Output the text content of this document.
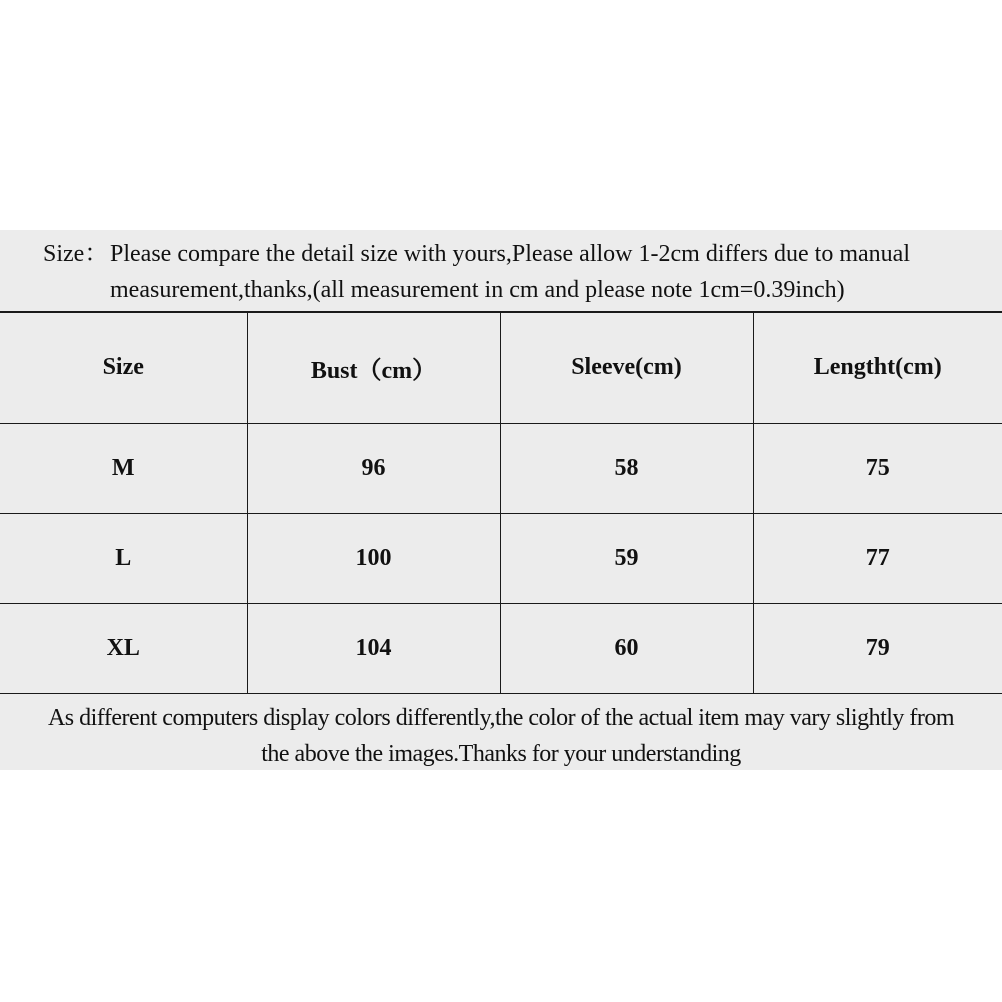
Size： Please compare the detail size with yours,Please allow 1-2cm differs due to manual
measurement,thanks,(all measurement in cm and please note 1cm=0.39inch)
Size	Bust（cm）	Sleeve(cm)	Lengtht(cm)
M	96	58	75
L	100	59	77
XL	104	60	79
As different computers display colors differently,the color of the actual item may vary slightly from
the above the images.Thanks for your understanding
